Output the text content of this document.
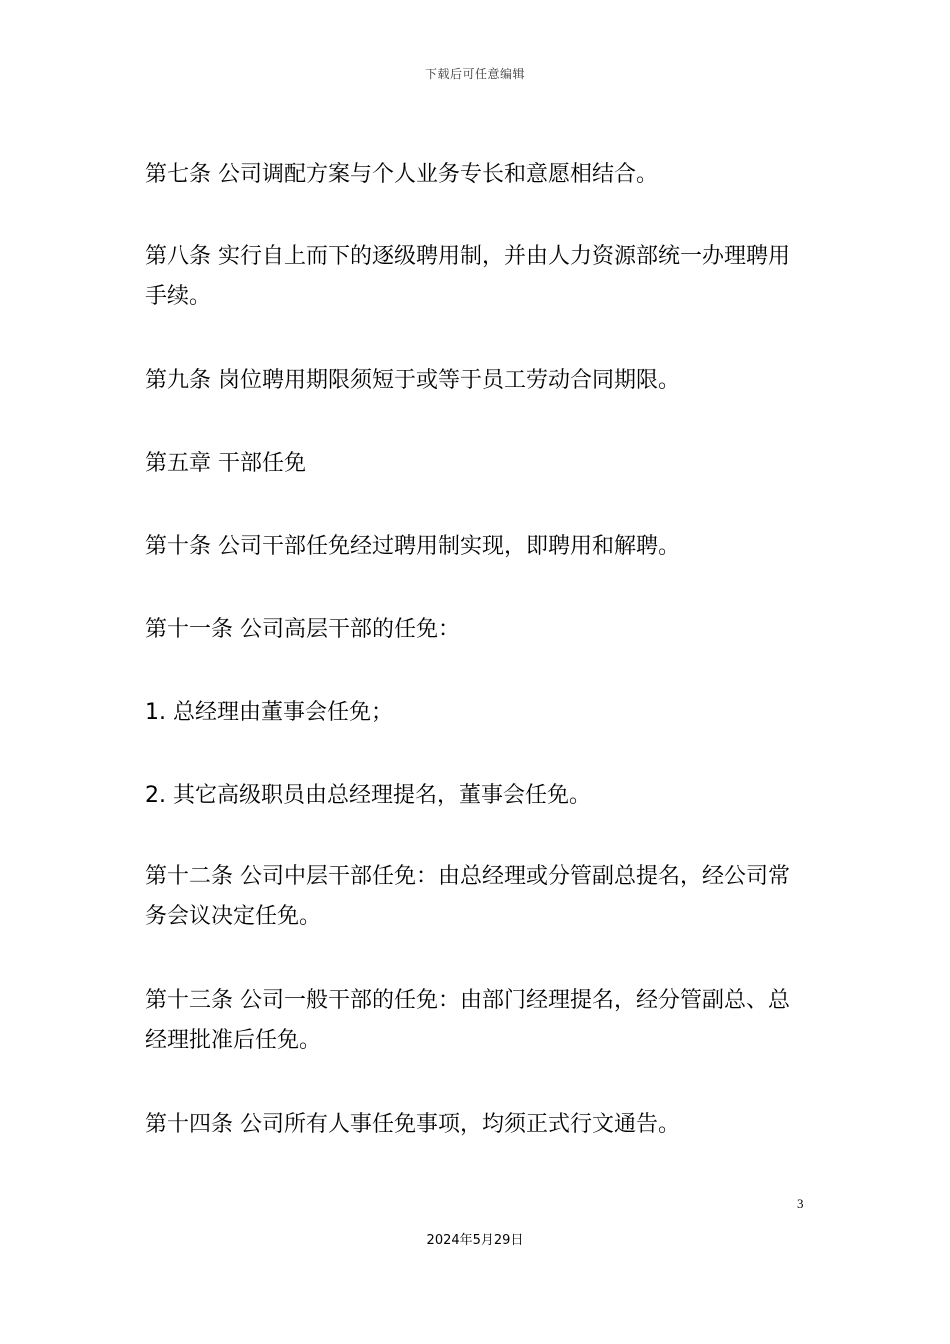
下载后可任意编辑

第七条 公司调配方案与个人业务专长和意愿相结合。

第八条 实行自上而下的逐级聘用制，并由人力资源部统一办理聘用手续。

第九条 岗位聘用期限须短于或等于员工劳动合同期限。

第五章 干部任免

第十条 公司干部任免经过聘用制实现，即聘用和解聘。

第十一条 公司高层干部的任免：

1. 总经理由董事会任免；

2. 其它高级职员由总经理提名，董事会任免。

第十二条 公司中层干部任免：由总经理或分管副总提名，经公司常务会议决定任免。

第十三条 公司一般干部的任免：由部门经理提名，经分管副总、总经理批准后任免。

第十四条 公司所有人事任免事项，均须正式行文通告。

3
2024年5月29日
